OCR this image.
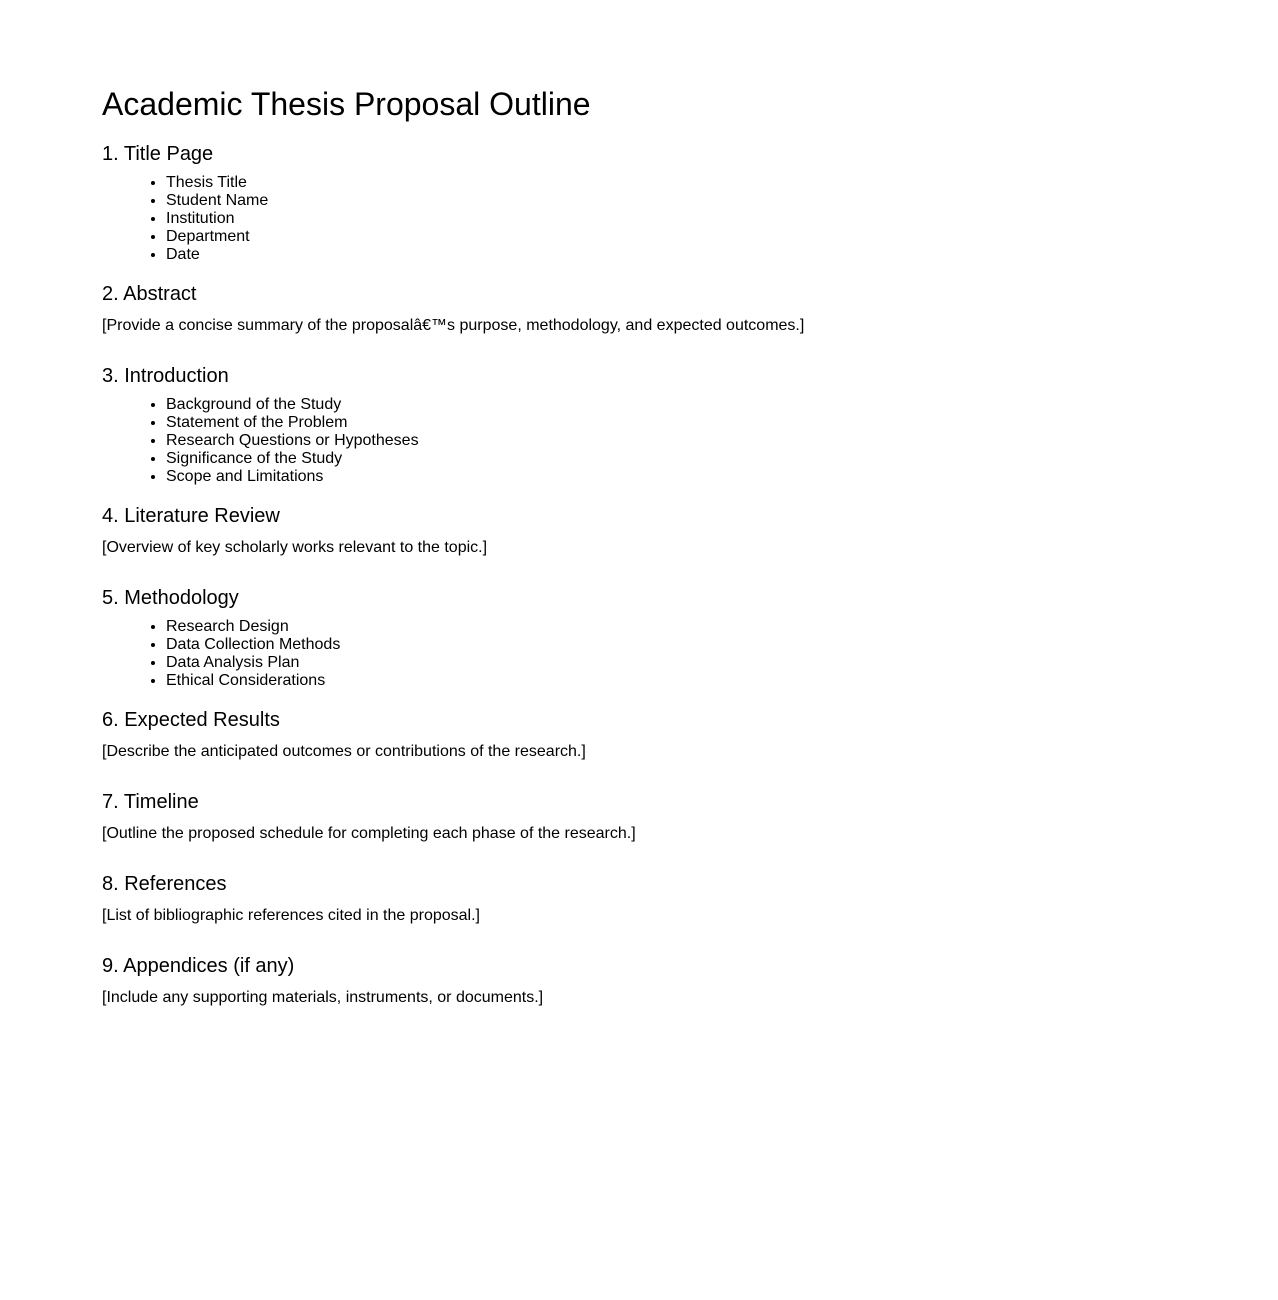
Academic Thesis Proposal Outline
1. Title Page
• Thesis Title
• Student Name
• Institution
• Department
• Date
2. Abstract

[Provide a concise summary of the proposalâ€™s purpose, methodology, and expected outcomes.]

3. Introduction
• Background of the Study
• Statement of the Problem
• Research Questions or Hypotheses
• Significance of the Study
• Scope and Limitations
4. Literature Review

[Overview of key scholarly works relevant to the topic.]

5. Methodology
• Research Design
• Data Collection Methods
• Data Analysis Plan
• Ethical Considerations
6. Expected Results

[Describe the anticipated outcomes or contributions of the research.]

7. Timeline

[Outline the proposed schedule for completing each phase of the research.]

8. References

[List of bibliographic references cited in the proposal.]

9. Appendices (if any)

[Include any supporting materials, instruments, or documents.]
